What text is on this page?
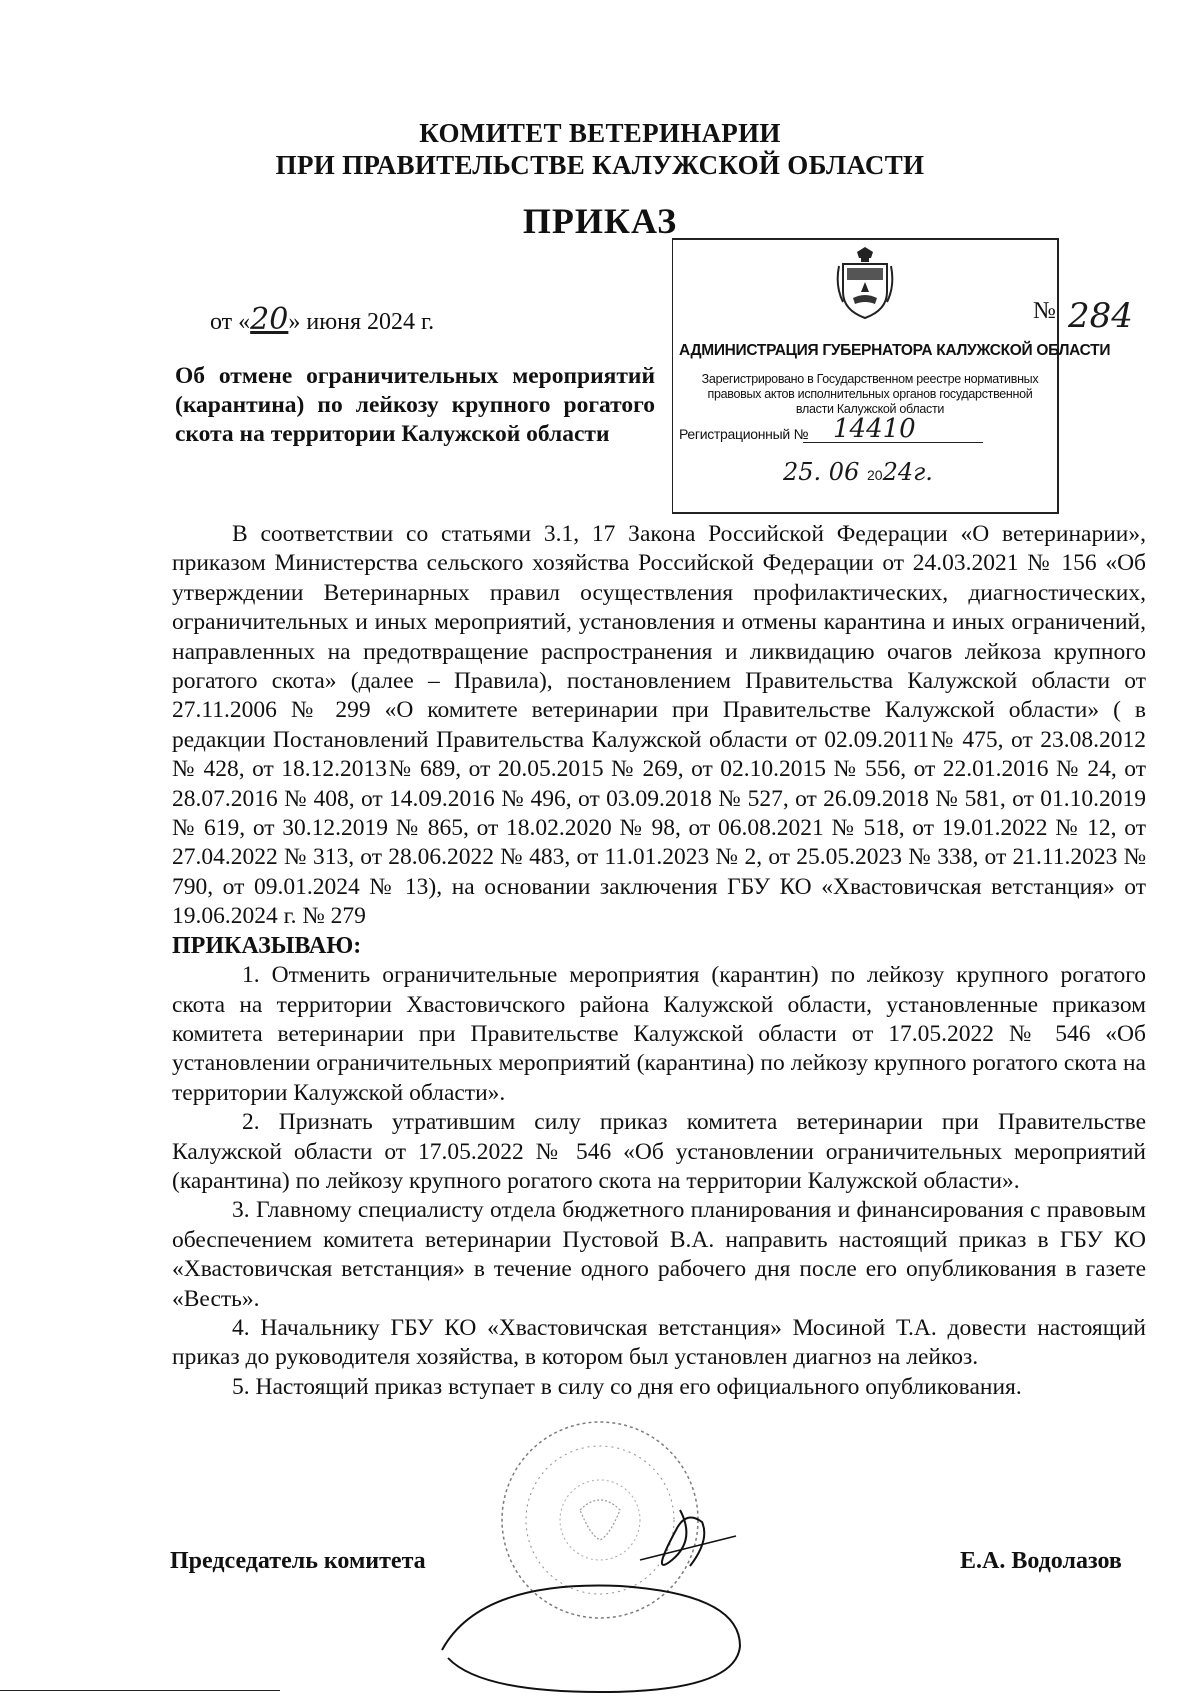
КОМИТЕТ ВЕТЕРИНАРИИ
ПРИ ПРАВИТЕЛЬСТВЕ КАЛУЖСКОЙ ОБЛАСТИ
ПРИКАЗ
от «20» июня 2024 г.	№
АДМИНИСТРАЦИЯ ГУБЕРНАТОРА КАЛУЖСКОЙ ОБЛАСТИ
Зарегистрировано в Государственном реестре нормативных правовых актов исполнительных органов государственной власти Калужской области
Регистрационный № 14410
25. 06 2024г.
284
Об отмене ограничительных мероприятий (карантина) по лейкозу крупного рогатого скота на территории Калужской области

В соответствии со статьями 3.1, 17 Закона Российской Федерации «О ветеринарии», приказом Министерства сельского хозяйства Российской Федерации от 24.03.2021 № 156 «Об утверждении Ветеринарных правил осуществления профилактических, диагностических, ограничительных и иных мероприятий, установления и отмены карантина и иных ограничений, направленных на предотвращение распространения и ликвидацию очагов лейкоза крупного рогатого скота» (далее – Правила), постановлением Правительства Калужской области от 27.11.2006 № 299 «О комитете ветеринарии при Правительстве Калужской области» ( в редакции Постановлений Правительства Калужской области от 02.09.2011№ 475, от 23.08.2012 № 428, от 18.12.2013№ 689, от 20.05.2015 № 269, от 02.10.2015 № 556, от 22.01.2016 № 24, от 28.07.2016 № 408, от 14.09.2016 № 496, от 03.09.2018 № 527, от 26.09.2018 № 581, от 01.10.2019 № 619, от 30.12.2019 № 865, от 18.02.2020 № 98, от 06.08.2021 № 518, от 19.01.2022 № 12, от 27.04.2022 № 313, от 28.06.2022 № 483, от 11.01.2023 № 2, от 25.05.2023 № 338, от 21.11.2023 № 790, от 09.01.2024 № 13), на основании заключения ГБУ КО «Хвастовичская ветстанция» от 19.06.2024 г. № 279

ПРИКАЗЫВАЮ:

1. Отменить ограничительные мероприятия (карантин) по лейкозу крупного рогатого скота на территории Хвастовичского района Калужской области, установленные приказом комитета ветеринарии при Правительстве Калужской области от 17.05.2022 № 546 «Об установлении ограничительных мероприятий (карантина) по лейкозу крупного рогатого скота на территории Калужской области».

2. Признать утратившим силу приказ комитета ветеринарии при Правительстве Калужской области от 17.05.2022 № 546 «Об установлении ограничительных мероприятий (карантина) по лейкозу крупного рогатого скота на территории Калужской области».

3. Главному специалисту отдела бюджетного планирования и финансирования с правовым обеспечением комитета ветеринарии Пустовой В.А. направить настоящий приказ в ГБУ КО «Хвастовичская ветстанция» в течение одного рабочего дня после его опубликования в газете «Весть».

4. Начальнику ГБУ КО «Хвастовичская ветстанция» Мосиной Т.А. довести настоящий приказ до руководителя хозяйства, в котором был установлен диагноз на лейкоз.

5. Настоящий приказ вступает в силу со дня его официального опубликования.

Председатель комитета	Е.А. Водолазов
